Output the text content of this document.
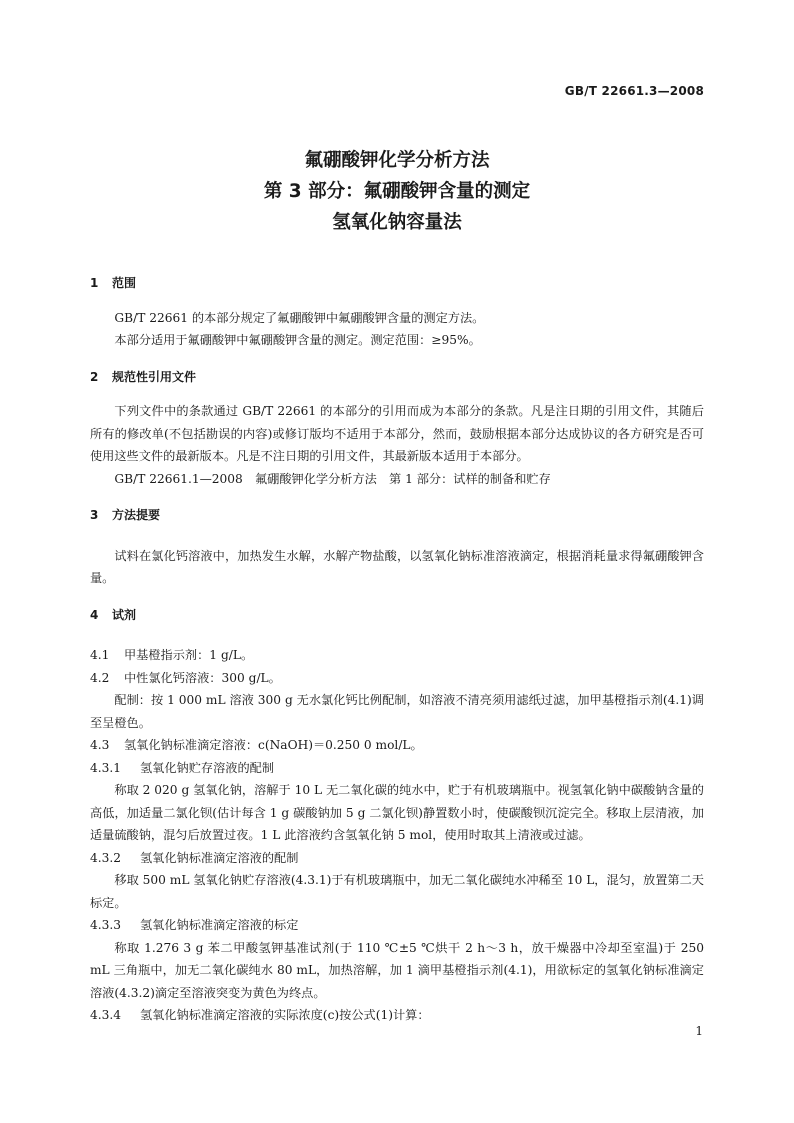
GB/T 22661.3—2008
氟硼酸钾化学分析方法
第 3 部分：氟硼酸钾含量的测定
氢氧化钠容量法
1	范围

GB/T 22661 的本部分规定了氟硼酸钾中氟硼酸钾含量的测定方法。

本部分适用于氟硼酸钾中氟硼酸钾含量的测定。测定范围：≥95%。

2	规范性引用文件

下列文件中的条款通过 GB/T 22661 的本部分的引用而成为本部分的条款。凡是注日期的引用文件，其随后所有的修改单(不包括勘误的内容)或修订版均不适用于本部分，然而，鼓励根据本部分达成协议的各方研究是否可使用这些文件的最新版本。凡是不注日期的引用文件，其最新版本适用于本部分。

GB/T 22661.1—2008　氟硼酸钾化学分析方法　第 1 部分：试样的制备和贮存

3	方法提要

试料在氯化钙溶液中，加热发生水解，水解产物盐酸，以氢氧化钠标准溶液滴定，根据消耗量求得氟硼酸钾含量。

4	试剂
4.1	甲基橙指示剂：1 g/L。
4.2	中性氯化钙溶液：300 g/L。

配制：按 1 000 mL 溶液 300 g 无水氯化钙比例配制，如溶液不清亮须用滤纸过滤，加甲基橙指示剂(4.1)调至呈橙色。

4.3	氢氧化钠标准滴定溶液：c(NaOH)＝0.250 0 mol/L。
4.3.1	氢氧化钠贮存溶液的配制

称取 2 020 g 氢氧化钠，溶解于 10 L 无二氧化碳的纯水中，贮于有机玻璃瓶中。视氢氧化钠中碳酸钠含量的高低，加适量二氯化钡(估计每含 1 g 碳酸钠加 5 g 二氯化钡)静置数小时，使碳酸钡沉淀完全。移取上层清液，加适量硫酸钠，混匀后放置过夜。1 L 此溶液约含氢氧化钠 5 mol，使用时取其上清液或过滤。

4.3.2	氢氧化钠标准滴定溶液的配制

移取 500 mL 氢氧化钠贮存溶液(4.3.1)于有机玻璃瓶中，加无二氧化碳纯水冲稀至 10 L，混匀，放置第二天标定。

4.3.3	氢氧化钠标准滴定溶液的标定

称取 1.276 3 g 苯二甲酸氢钾基准试剂(于 110 ℃±5 ℃烘干 2 h～3 h，放干燥器中冷却至室温)于 250 mL 三角瓶中，加无二氧化碳纯水 80 mL，加热溶解，加 1 滴甲基橙指示剂(4.1)，用欲标定的氢氧化钠标准滴定溶液(4.3.2)滴定至溶液突变为黄色为终点。

4.3.4	氢氧化钠标准滴定溶液的实际浓度(c)按公式(1)计算：
1
